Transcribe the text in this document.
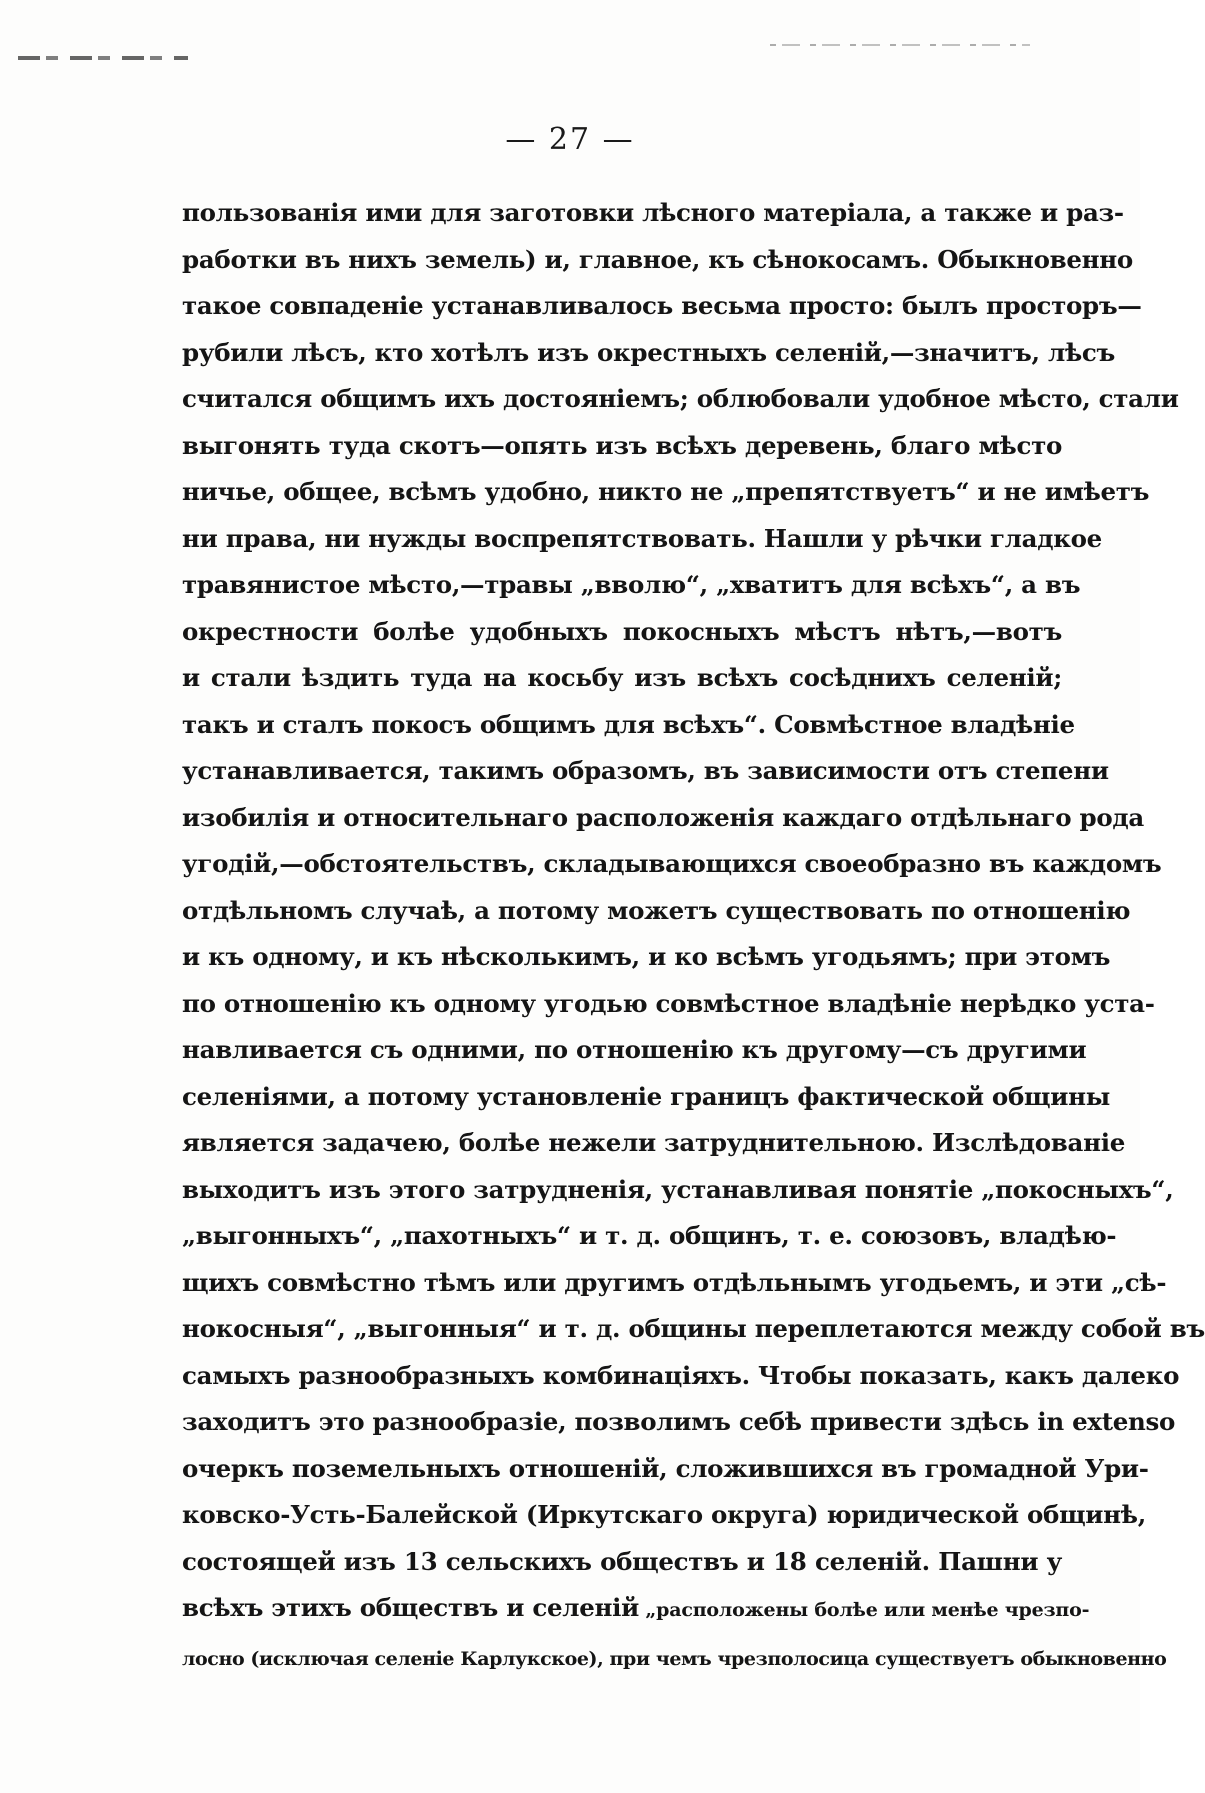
— 27 —
пользованія ими для заготовки лѣсного матеріала, а также и раз-
работки въ нихъ земель) и, главное, къ сѣнокосамъ. Обыкновенно
такое совпаденіе устанавливалось весьма просто: былъ просторъ—
рубили лѣсъ, кто хотѣлъ изъ окрестныхъ селеній,—значитъ, лѣсъ
считался общимъ ихъ достояніемъ; облюбовали удобное мѣсто, стали
выгонять туда скотъ—опять изъ всѣхъ деревень, благо мѣсто
ничье, общее, всѣмъ удобно, никто не „препятствуетъ“ и не имѣетъ
ни права, ни нужды воспрепятствовать. Нашли у рѣчки гладкое
травянистое мѣсто,—травы „вволю“, „хватитъ для всѣхъ“, а въ
окрестности болѣе удобныхъ покосныхъ мѣстъ нѣтъ,—вотъ
и стали ѣздить туда на косьбу изъ всѣхъ сосѣднихъ селеній;
такъ и сталъ покосъ общимъ для всѣхъ“. Совмѣстное владѣніе
устанавливается, такимъ образомъ, въ зависимости отъ степени
изобилія и относительнаго расположенія каждаго отдѣльнаго рода
угодій,—обстоятельствъ, складывающихся своеобразно въ каждомъ
отдѣльномъ случаѣ, а потому можетъ существовать по отношенію
и къ одному, и къ нѣсколькимъ, и ко всѣмъ угодьямъ; при этомъ
по отношенію къ одному угодью совмѣстное владѣніе нерѣдко уста-
навливается съ одними, по отношенію къ другому—съ другими
селеніями, а потому установленіе границъ фактической общины
является задачею, болѣе нежели затруднительною. Изслѣдованіе
выходитъ изъ этого затрудненія, устанавливая понятіе „покосныхъ“,
„выгонныхъ“, „пахотныхъ“ и т. д. общинъ, т. е. союзовъ, владѣю-
щихъ совмѣстно тѣмъ или другимъ отдѣльнымъ угодьемъ, и эти „сѣ-
нокосныя“, „выгонныя“ и т. д. общины переплетаются между собой въ
самыхъ разнообразныхъ комбинаціяхъ. Чтобы показать, какъ далеко
заходитъ это разнообразіе, позволимъ себѣ привести здѣсь in extenso
очеркъ поземельныхъ отношеній, сложившихся въ громадной Ури-
ковско-Усть-Балейской (Иркутскаго округа) юридической общинѣ,
состоящей изъ 13 сельскихъ обществъ и 18 селеній. Пашни у
всѣхъ этихъ обществъ и селеній „расположены болѣе или менѣе чрезпо-
лосно (исключая селеніе Карлукское), при чемъ чрезполосица существуетъ обыкновенно
